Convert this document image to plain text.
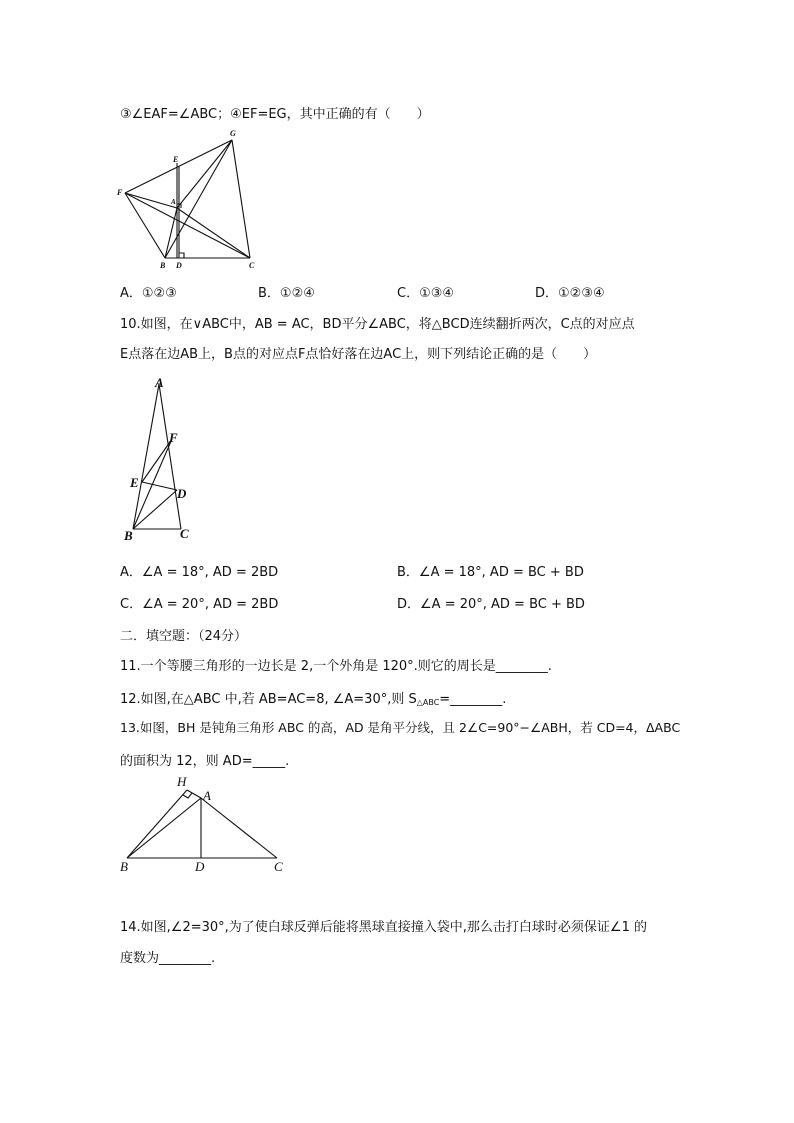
③∠EAF=∠ABC；④EF=EG，其中正确的有（　　）
G
E
F
A
B D	C
A．①②③	B．①②④	C．①③④	D．①②③④
10.如图，在∨ABC中，AB = AC，BD平分∠ABC，将△BCD连续翻折两次，C点的对应点
E点落在边AB上，B点的对应点F点恰好落在边AC上，则下列结论正确的是（　　）
A
F
E
D
B	C
A．∠A = 18°, AD = 2BD	B．∠A = 18°, AD = BC + BD
C．∠A = 20°, AD = 2BD	D．∠A = 20°, AD = BC + BD
二．填空题：（24分）
11.一个等腰三角形的一边长是 2,一个外角是 120°.则它的周长是________.
12.如图,在△ABC 中,若 AB=AC=8, ∠A=30°,则 $S_{\triangle ABC}=\_\_\_\_\_\_\_\_$.
13.如图，BH 是钝角三角形 ABC 的高，AD 是角平分线，且 2∠C=90°−∠ABH，若 CD=4，ΔABC
的面积为 12，则 AD=_____.
H
A
B	D	C
14.如图,∠2=30°,为了使白球反弹后能将黑球直接撞入袋中,那么击打白球时必须保证∠1 的
度数为________.
